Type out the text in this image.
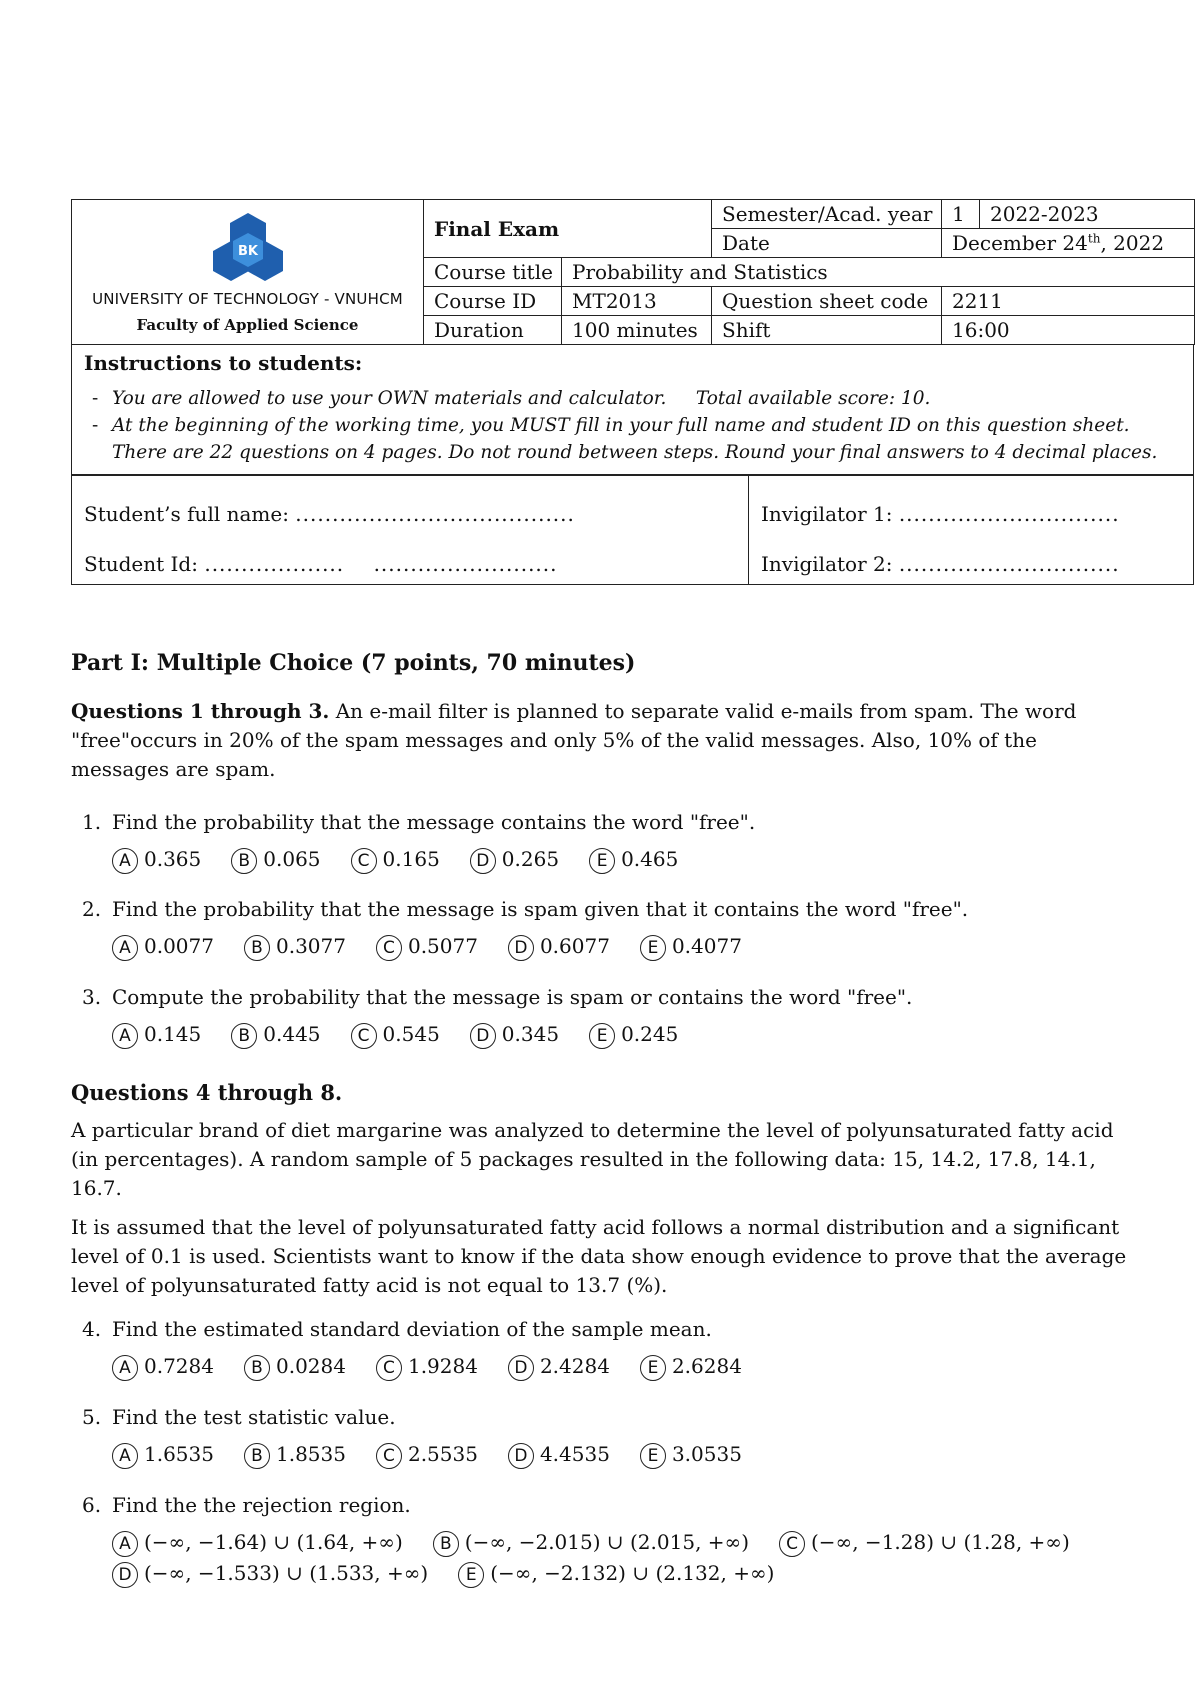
BK
UNIVERSITY OF TECHNOLOGY - VNUHCM
Faculty of Applied Science	Final Exam		Semester/Acad. year	1	2022-2023
			Date	December 24th, 2022	
	Course title	Probability and Statistics			
	Course ID	MT2013	Question sheet code	2211	
	Duration	100 minutes	Shift	16:00	
Instructions to students:
- You are allowed to use your OWN materials and calculator.     Total available score: 10.
- At the beginning of the working time, you MUST fill in your full name and student ID on this question sheet. There are 22 questions on 4 pages. Do not round between steps. Round your final answers to 4 decimal places.
Student’s full name: ......................................
Student Id: ...................    .........................
Invigilator 1: ..............................
Invigilator 2: ..............................
Part I: Multiple Choice (7 points, 70 minutes)
Questions 1 through 3. An e-mail filter is planned to separate valid e-mails from spam. The word "free"occurs in 20% of the spam messages and only 5% of the valid messages. Also, 10% of the messages are spam.
1. Find the probability that the message contains the word "free".
A 0.365 B 0.065 C 0.165 D 0.265 E 0.465
2. Find the probability that the message is spam given that it contains the word "free".
A 0.0077 B 0.3077 C 0.5077 D 0.6077 E 0.4077
3. Compute the probability that the message is spam or contains the word "free".
A 0.145 B 0.445 C 0.545 D 0.345 E 0.245
4. Find the estimated standard deviation of the sample mean.
A 0.7284 B 0.0284 C 1.9284 D 2.4284 E 2.6284
5. Find the test statistic value.
A 1.6535 B 1.8535 C 2.5535 D 4.4535 E 3.0535
6. Find the the rejection region.
A (−∞, −1.64) ∪ (1.64, +∞) B (−∞, −2.015) ∪ (2.015, +∞) C (−∞, −1.28) ∪ (1.28, +∞)
D (−∞, −1.533) ∪ (1.533, +∞) E (−∞, −2.132) ∪ (2.132, +∞)
Questions 4 through 8.
A particular brand of diet margarine was analyzed to determine the level of polyunsaturated fatty acid (in percentages). A random sample of 5 packages resulted in the following data: 15, 14.2, 17.8, 14.1, 16.7.
It is assumed that the level of polyunsaturated fatty acid follows a normal distribution and a significant level of 0.1 is used. Scientists want to know if the data show enough evidence to prove that the average level of polyunsaturated fatty acid is not equal to 13.7 (%).
